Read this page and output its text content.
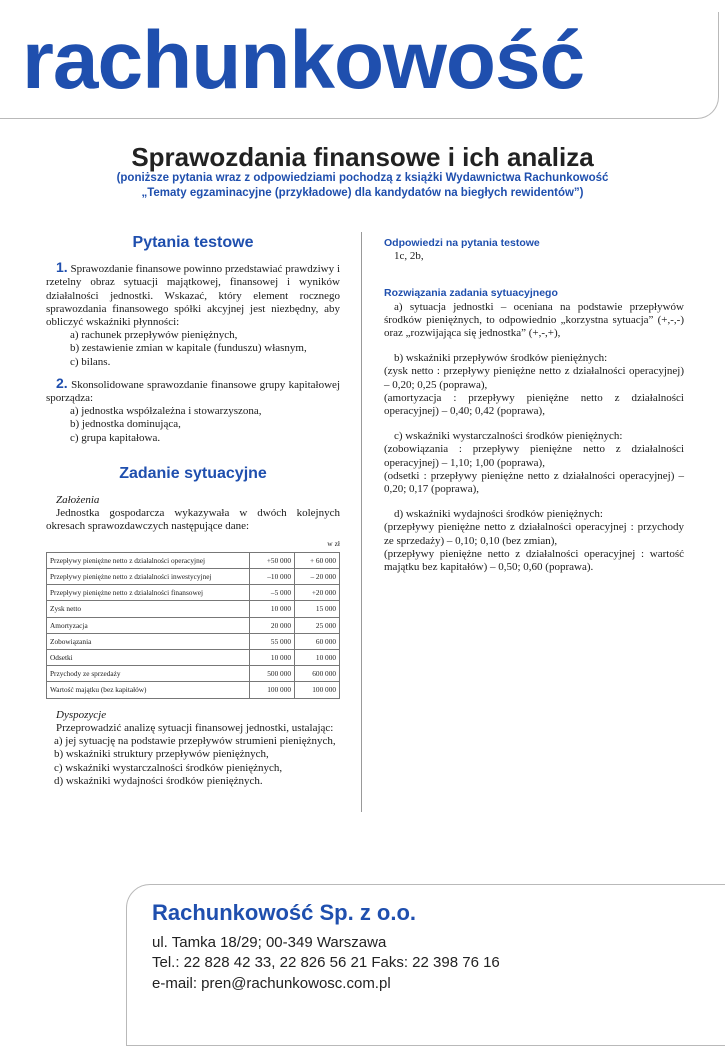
rachunkowość
Sprawozdania finansowe i ich analiza
(poniższe pytania wraz z odpowiedziami pochodzą z książki Wydawnictwa Rachunkowość
„Tematy egzaminacyjne (przykładowe) dla kandydatów na biegłych rewidentów”)
Pytania testowe

1. Sprawozdanie finansowe powinno przedstawiać prawdziwy i rzetelny obraz sytuacji majątkowej, finansowej i wyników działalności jednostki. Wskazać, który element rocznego sprawozdania finansowego spółki akcyjnej jest niezbędny, aby obliczyć wskaźniki płynności:

a) rachunek przepływów pieniężnych,

b) zestawienie zmian w kapitale (funduszu) własnym,

c) bilans.

2. Skonsolidowane sprawozdanie finansowe grupy kapitałowej sporządza:

a) jednostka współzależna i stowarzyszona,

b) jednostka dominująca,

c) grupa kapitałowa.

Zadanie sytuacyjne

Założenia

Jednostka gospodarcza wykazywała w dwóch kolejnych okresach sprawozdawczych następujące dane:

w zł

Przepływy pieniężne netto z działalności operacyjnej	+50 000	+ 60 000
Przepływy pieniężne netto z działalności inwestycyjnej	–10 000	– 20 000
Przepływy pieniężne netto z działalności finansowej	–5 000	+20 000
Zysk netto	10 000	15 000
Amortyzacja	20 000	25 000
Zobowiązania	55 000	60 000
Odsetki	10 000	10 000
Przychody ze sprzedaży	500 000	600 000
Wartość majątku (bez kapitałów)	100 000	100 000

Dyspozycje

Przeprowadzić analizę sytuacji finansowej jednostki, ustalając:

a) jej sytuację na podstawie przepływów strumieni pieniężnych,

b) wskaźniki struktury przepływów pieniężnych,

c) wskaźniki wystarczalności środków pieniężnych,

d) wskaźniki wydajności środków pieniężnych.

Odpowiedzi na pytania testowe

1c, 2b,

Rozwiązania zadania sytuacyjnego

a) sytuacja jednostki – oceniana na podstawie przepływów środków pieniężnych, to odpowiednio „korzystna sytuacja” (+,-,-) oraz „rozwijająca się jednostka” (+,-,+),

b) wskaźniki przepływów środków pieniężnych:

(zysk netto : przepływy pieniężne netto z działalności operacyjnej) – 0,20; 0,25 (poprawa),

(amortyzacja : przepływy pieniężne netto z działalności operacyjnej) – 0,40; 0,42 (poprawa),

c) wskaźniki wystarczalności środków pieniężnych:

(zobowiązania : przepływy pieniężne netto z działalności operacyjnej) – 1,10; 1,00 (poprawa),

(odsetki : przepływy pieniężne netto z działalności operacyjnej) – 0,20; 0,17 (poprawa),

d) wskaźniki wydajności środków pieniężnych:

(przepływy pieniężne netto z działalności operacyjnej : przychody ze sprzedaży) – 0,10; 0,10 (bez zmian),

(przepływy pieniężne netto z działalności operacyjnej : wartość majątku bez kapitałów) – 0,50; 0,60 (poprawa).

Rachunkowość Sp. z o.o.
ul. Tamka 18/29; 00-349 Warszawa
Tel.: 22 828 42 33, 22 826 56 21 Faks: 22 398 76 16
e-mail: pren@rachunkowosc.com.pl
